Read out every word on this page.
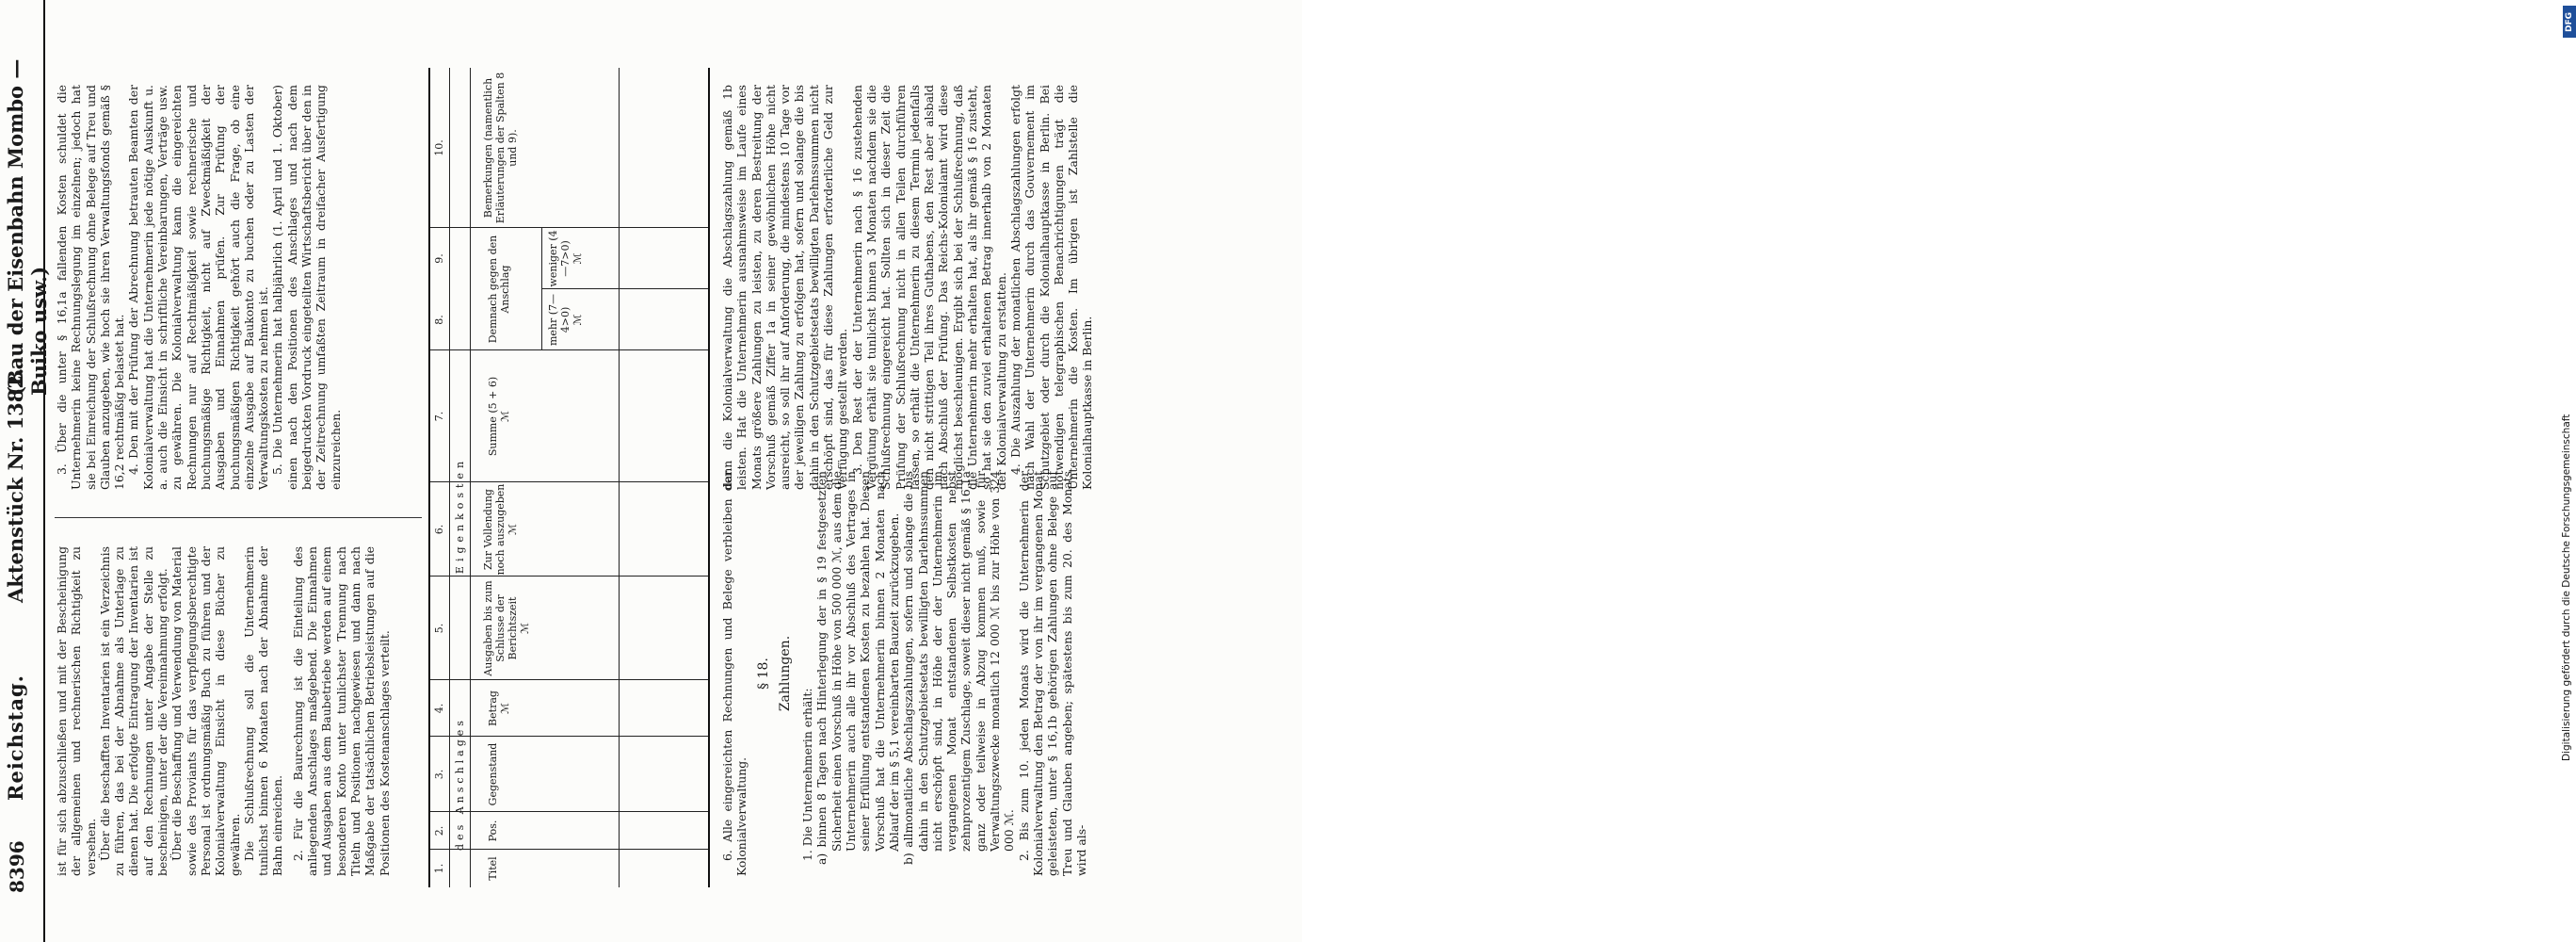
8396
Reichstag.
Aktenstück Nr. 1382.
(Bau der Eisenbahn Mombo — Buiko usw.)

ist für sich abzuschließen und mit der Bescheinigung der allgemeinen und rechnerischen Richtigkeit zu versehen. Über die beschafften Inventarien ist ein Verzeichnis zu führen, das bei der Abnahme als Unterlage zu dienen hat. Die erfolgte Eintragung der Inventarien ist auf den Rechnungen unter Angabe der Stelle zu bescheinigen, unter der die Vereinnahmung erfolgt. Über die Beschaffung und Verwendung von Material sowie des Proviants für das verpflegungsberechtigte Personal ist ordnungsmäßig Buch zu führen und der Kolonialverwaltung Einsicht in diese Bücher zu gewähren. Die Schlußrechnung soll die Unternehmerin tunlichst binnen 6 Monaten nach der Abnahme der Bahn einreichen. 2. Für die Baurechnung ist die Einteilung des anliegenden Anschlages maßgebend. Die Einnahmen und Ausgaben aus dem Baubetriebe werden auf einem besonderen Konto unter tunlichster Trennung nach Titeln und Positionen nachgewiesen und dann nach Maßgabe der tatsächlichen Betriebsleistungen auf die Positionen des Kostenanschlages verteilt.

3. Über die unter § 16,1a fallenden Kosten schuldet die Unternehmerin keine Rechnungslegung im einzelnen; jedoch hat sie bei Einreichung der Schlußrechnung ohne Belege auf Treu und Glauben anzugeben, wie hoch sie ihren Verwaltungsfonds gemäß § 16,2 rechtmäßig belastet hat. 4. Den mit der Prüfung der Abrechnung betrauten Beamten der Kolonialverwaltung hat die Unternehmerin jede nötige Auskunft u. a. auch die Einsicht in schriftliche Vereinbarungen, Verträge usw. zu gewähren. Die Kolonialverwaltung kann die eingereichten Rechnungen nur auf Rechtmäßigkeit sowie rechnerische und buchungsmäßige Richtigkeit, nicht auf Zweckmäßigkeit der Ausgaben und Einnahmen prüfen. Zur Prüfung der buchungsmäßigen Richtigkeit gehört auch die Frage, ob eine einzelne Ausgabe auf Baukonto zu buchen oder zu Lasten der Verwaltungskosten zu nehmen ist. 5. Die Unternehmerin hat halbjährlich (1. April und 1. Oktober) einen nach den Positionen des Anschlages und nach dem beigedruckten Vordruck eingeteilten Wirtschaftsbericht über den in der Zeitrechnung umfaßten Zeitraum in dreifacher Ausfertigung einzureichen.

1.
2.
3.
4.
5.
6.
7.
8.
9.
10.
des Anschlages
Eigenkosten
Titel
Pos.
Gegenstand
Betrag ℳ
Ausgaben bis zum Schlusse der Berichtszeit ℳ
Zur Vollendung noch auszugeben ℳ
Summe (5 + 6) ℳ
Demnach gegen den Anschlag
mehr (7—4>0) ℳ
weniger (4—7>0) ℳ
Bemerkungen (namentlich Erläuterungen der Spalten 8 und 9).

6. Alle eingereichten Rechnungen und Belege verbleiben der Kolonialverwaltung.

§ 18. Zahlungen.

1. Die Unternehmerin erhält: a) binnen 8 Tagen nach Hinterlegung der in § 19 festgesetzten Sicherheit einen Vorschuß in Höhe von 500 000 ℳ, aus dem die Unternehmerin auch alle ihr vor Abschluß des Vertrages in seiner Erfüllung entstandenen Kosten zu bezahlen hat. Diesen Vorschuß hat die Unternehmerin binnen 2 Monaten nach Ablauf der im § 5,1 vereinbarten Bauzeit zurückzugeben. b) allmonatliche Abschlagszahlungen, sofern und solange die bis dahin in den Schutzgebietsetats bewilligten Darlehnssummen nicht erschöpft sind, in Höhe der der Unternehmerin im vergangenen Monat entstandenen Selbstkosten nebst zehnprozentigem Zuschlage, soweit dieser nicht gemäß § 16,1a ganz oder teilweise in Abzug kommen muß, sowie für Verwaltungszwecke monatlich 12 000 ℳ bis zur Höhe von 324 000 ℳ. 2. Bis zum 10. jeden Monats wird die Unternehmerin der Kolonialverwaltung den Betrag der von ihr im vergangenen Monat geleisteten, unter § 16,1b gehörigen Zahlungen ohne Belege auf Treu und Glauben angeben; spätestens bis zum 20. des Monats wird als-

dann die Kolonialverwaltung die Abschlagszahlung gemäß 1b leisten. Hat die Unternehmerin ausnahmsweise im Laufe eines Monats größere Zahlungen zu leisten, zu deren Bestreitung der Vorschuß gemäß Ziffer 1a in seiner gewöhnlichen Höhe nicht ausreicht, so soll ihr auf Anforderung, die mindestens 10 Tage vor der jeweiligen Zahlung zu erfolgen hat, sofern und solange die bis dahin in den Schutzgebietsetats bewilligten Darlehnssummen nicht erschöpft sind, das für diese Zahlungen erforderliche Geld zur Verfügung gestellt werden. 3. Den Rest der der Unternehmerin nach § 16 zustehenden Vergütung erhält sie tunlichst binnen 3 Monaten nachdem sie die Schlußrechnung eingereicht hat. Sollten sich in dieser Zeit die Prüfung der Schlußrechnung nicht in allen Teilen durchführen lassen, so erhält die Unternehmerin zu diesem Termin jedenfalls den nicht strittigen Teil ihres Guthabens, den Rest aber alsbald nach Abschluß der Prüfung. Das Reichs-Kolonialamt wird diese möglichst beschleunigen. Ergibt sich bei der Schlußrechnung, daß die Unternehmerin mehr erhalten hat, als ihr gemäß § 16 zusteht, so hat sie den zuviel erhaltenen Betrag innerhalb von 2 Monaten der Kolonialverwaltung zu erstatten. 4. Die Auszahlung der monatlichen Abschlagszahlungen erfolgt nach Wahl der Unternehmerin durch das Gouvernement im Schutzgebiet oder durch die Kolonialhauptkasse in Berlin. Bei notwendigen telegraphischen Benachrichtigungen trägt die Unternehmerin die Kosten. Im übrigen ist Zahlstelle die Kolonialhauptkasse in Berlin.

DFG
Digitalisierung gefördert durch die Deutsche Forschungsgemeinschaft
